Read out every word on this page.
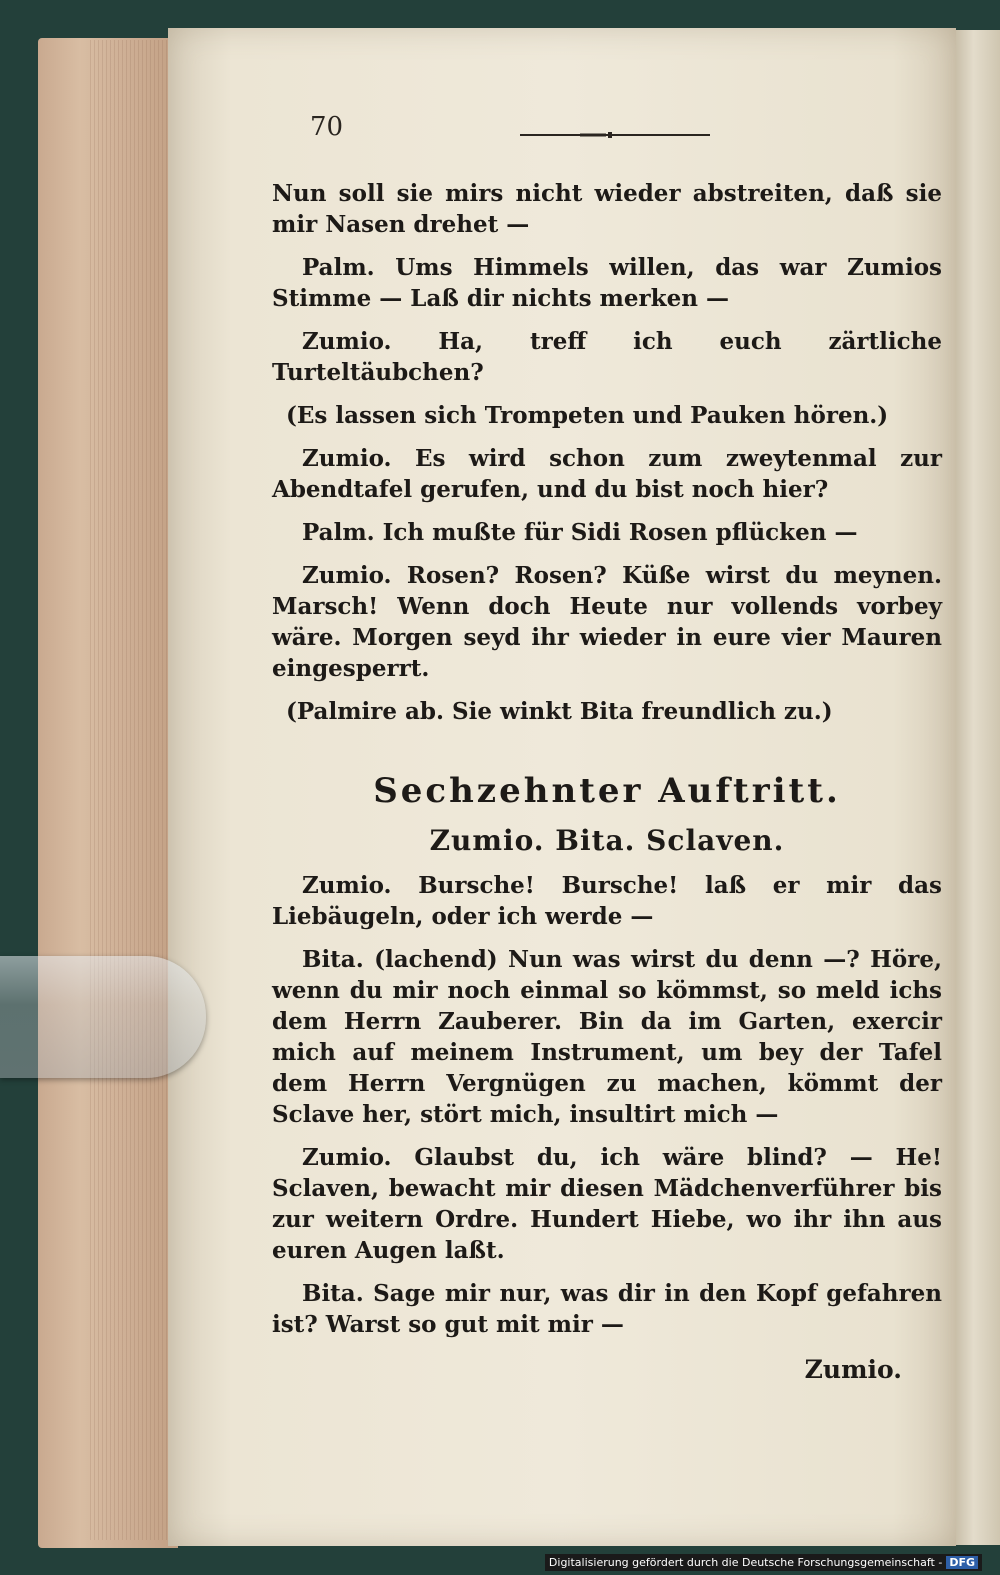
70

Nun soll sie mirs nicht wieder abstreiten, daß sie mir Nasen drehet —

Palm. Ums Himmels willen, das war Zumios Stimme — Laß dir nichts merken —

Zumio. Ha, treff ich euch zärtliche Turteltäubchen?

(Es lassen sich Trompeten und Pauken hören.)

Zumio. Es wird schon zum zweytenmal zur Abendtafel gerufen, und du bist noch hier?

Palm. Ich mußte für Sidi Rosen pflücken —

Zumio. Rosen? Rosen? Küße wirst du meynen. Marsch! Wenn doch Heute nur vollends vorbey wäre. Morgen seyd ihr wieder in eure vier Mauren eingesperrt.

(Palmire ab. Sie winkt Bita freundlich zu.)

Sechzehnter Auftritt.
Zumio. Bita. Sclaven.

Zumio. Bursche! Bursche! laß er mir das Liebäugeln, oder ich werde —

Bita. (lachend) Nun was wirst du denn —? Höre, wenn du mir noch einmal so kömmst, so meld ichs dem Herrn Zauberer. Bin da im Garten, exercir mich auf meinem Instrument, um bey der Tafel dem Herrn Vergnügen zu machen, kömmt der Sclave her, stört mich, insultirt mich —

Zumio. Glaubst du, ich wäre blind? — He! Sclaven, bewacht mir diesen Mädchenverführer bis zur weitern Ordre. Hundert Hiebe, wo ihr ihn aus euren Augen laßt.

Bita. Sage mir nur, was dir in den Kopf gefahren ist? Warst so gut mit mir —

Zumio.
Digitalisierung gefördert durch die Deutsche Forschungsgemeinschaft - DFG
